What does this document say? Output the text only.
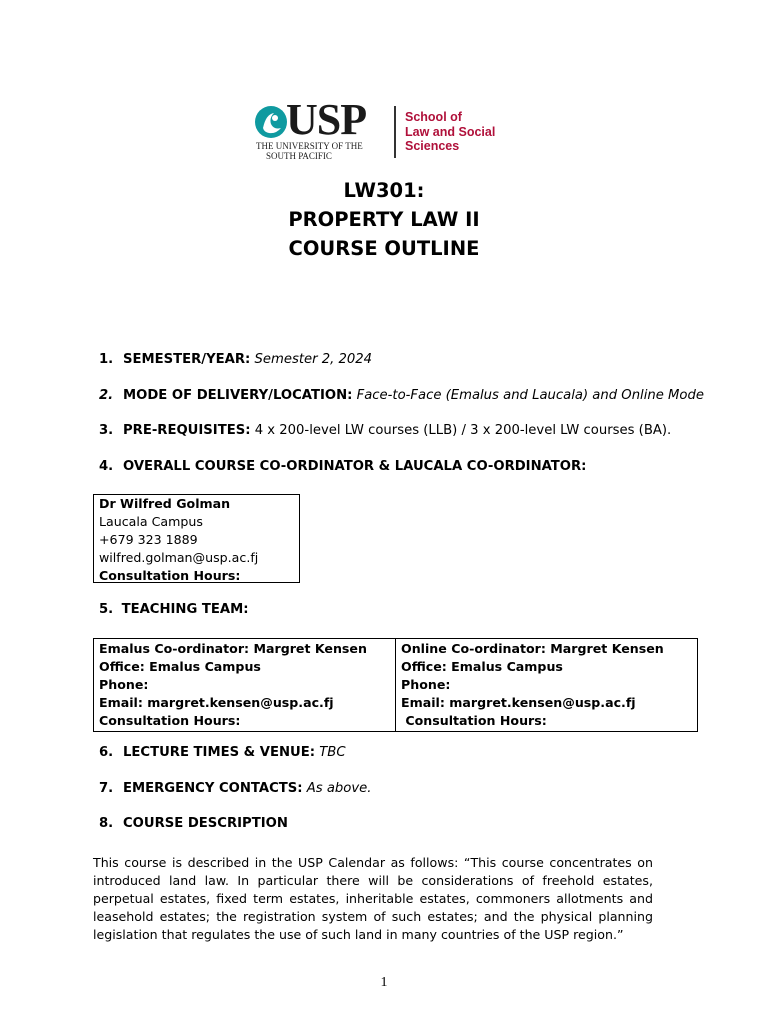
USP
THE UNIVERSITY OF THE
SOUTH PACIFIC
School of
Law and Social
Sciences
LW301:
PROPERTY LAW II
COURSE OUTLINE
1. SEMESTER/YEAR: Semester 2, 2024
2. MODE OF DELIVERY/LOCATION: Face-to-Face (Emalus and Laucala) and Online Mode
3. PRE-REQUISITES: 4 x 200-level LW courses (LLB) / 3 x 200-level LW courses (BA).
4. OVERALL COURSE CO-ORDINATOR & LAUCALA CO-ORDINATOR:
Dr Wilfred Golman
Laucala Campus
+679 323 1889
wilfred.golman@usp.ac.fj
Consultation Hours:
5. TEACHING TEAM:
Emalus Co-ordinator: Margret Kensen
Office: Emalus Campus
Phone:
Email: margret.kensen@usp.ac.fj
Consultation Hours:

Online Co-ordinator: Margret Kensen
Office: Emalus Campus
Phone:
Email: margret.kensen@usp.ac.fj
Consultation Hours:
6. LECTURE TIMES & VENUE: TBC
7. EMERGENCY CONTACTS: As above.
8. COURSE DESCRIPTION
This course is described in the USP Calendar as follows: “This course concentrates on introduced land law. In particular there will be considerations of freehold estates, perpetual estates, fixed term estates, inheritable estates, commoners allotments and leasehold estates; the registration system of such estates; and the physical planning legislation that regulates the use of such land in many countries of the USP region.”
1
